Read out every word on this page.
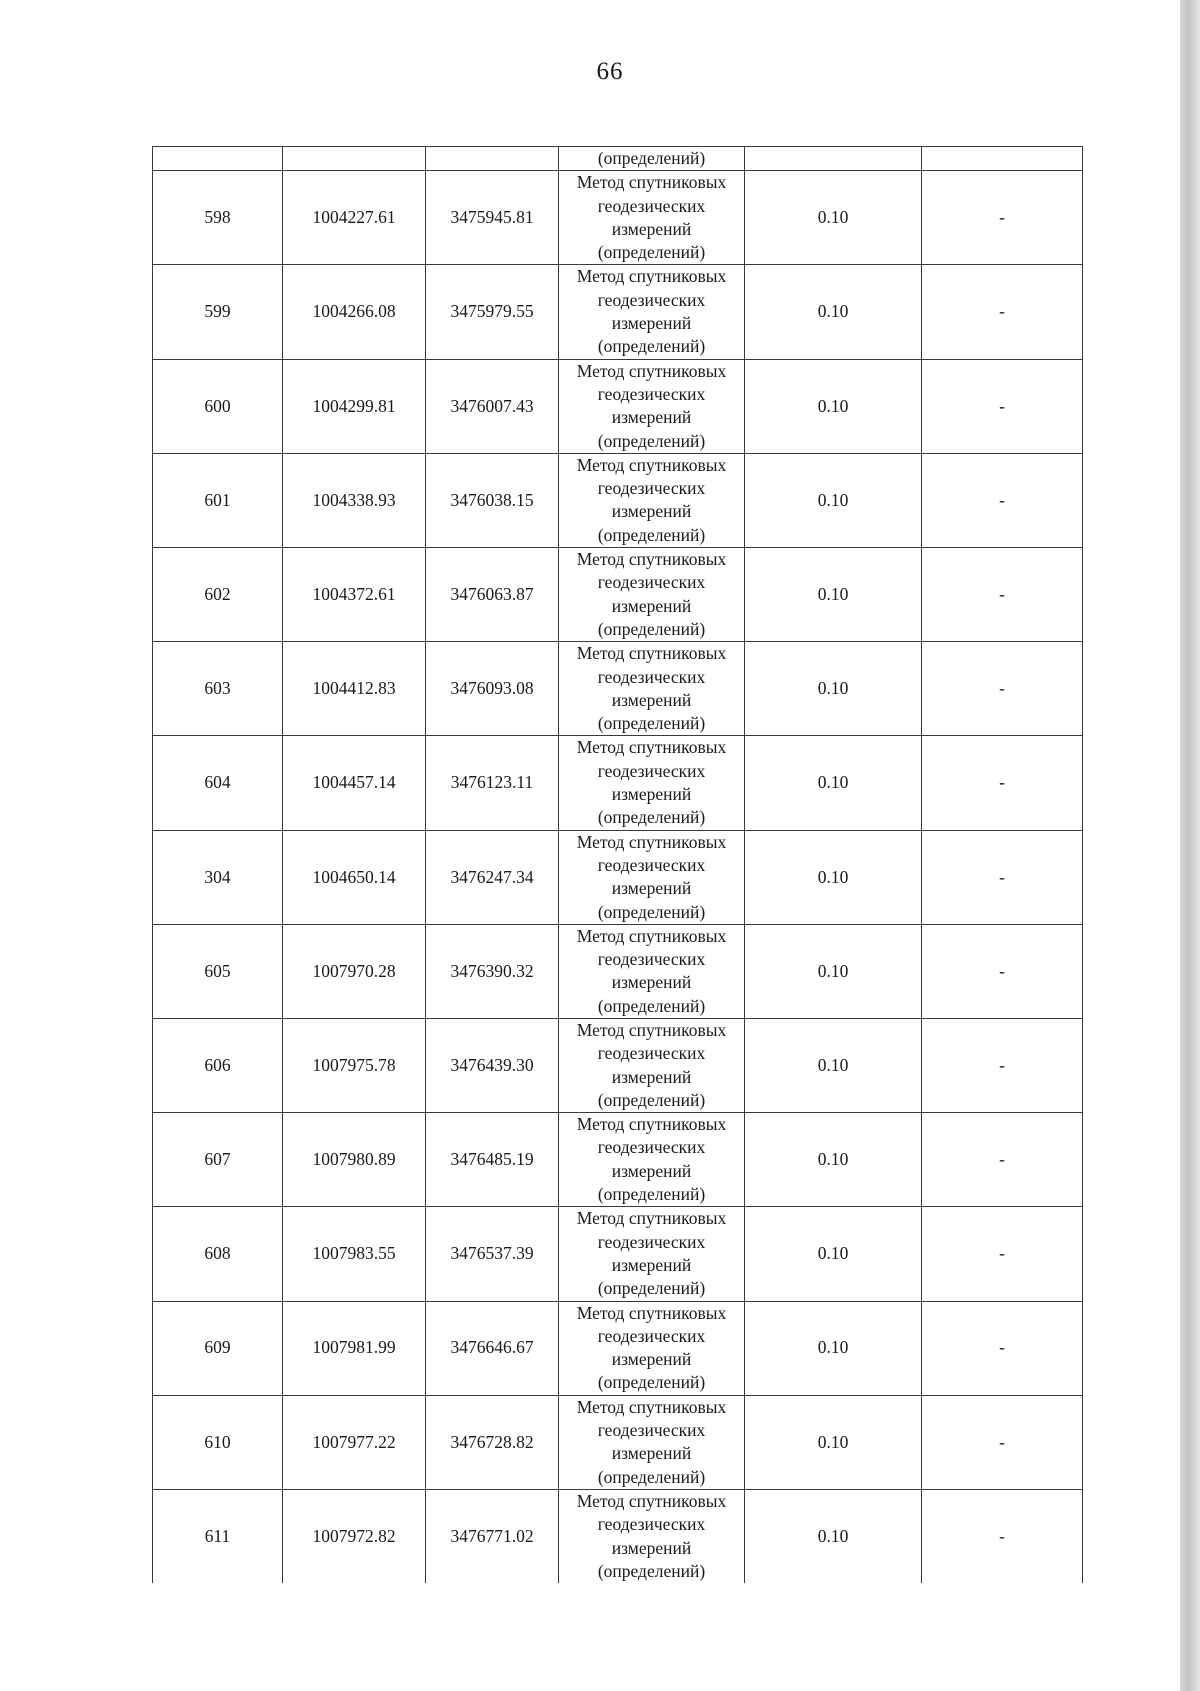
66
			(определений)		
598	1004227.61	3475945.81	Метод спутниковых
геодезических
измерений
(определений)	0.10	-
599	1004266.08	3475979.55	Метод спутниковых
геодезических
измерений
(определений)	0.10	-
600	1004299.81	3476007.43	Метод спутниковых
геодезических
измерений
(определений)	0.10	-
601	1004338.93	3476038.15	Метод спутниковых
геодезических
измерений
(определений)	0.10	-
602	1004372.61	3476063.87	Метод спутниковых
геодезических
измерений
(определений)	0.10	-
603	1004412.83	3476093.08	Метод спутниковых
геодезических
измерений
(определений)	0.10	-
604	1004457.14	3476123.11	Метод спутниковых
геодезических
измерений
(определений)	0.10	-
304	1004650.14	3476247.34	Метод спутниковых
геодезических
измерений
(определений)	0.10	-
605	1007970.28	3476390.32	Метод спутниковых
геодезических
измерений
(определений)	0.10	-
606	1007975.78	3476439.30	Метод спутниковых
геодезических
измерений
(определений)	0.10	-
607	1007980.89	3476485.19	Метод спутниковых
геодезических
измерений
(определений)	0.10	-
608	1007983.55	3476537.39	Метод спутниковых
геодезических
измерений
(определений)	0.10	-
609	1007981.99	3476646.67	Метод спутниковых
геодезических
измерений
(определений)	0.10	-
610	1007977.22	3476728.82	Метод спутниковых
геодезических
измерений
(определений)	0.10	-
611	1007972.82	3476771.02	Метод спутниковых
геодезических
измерений
(определений)	0.10	-
